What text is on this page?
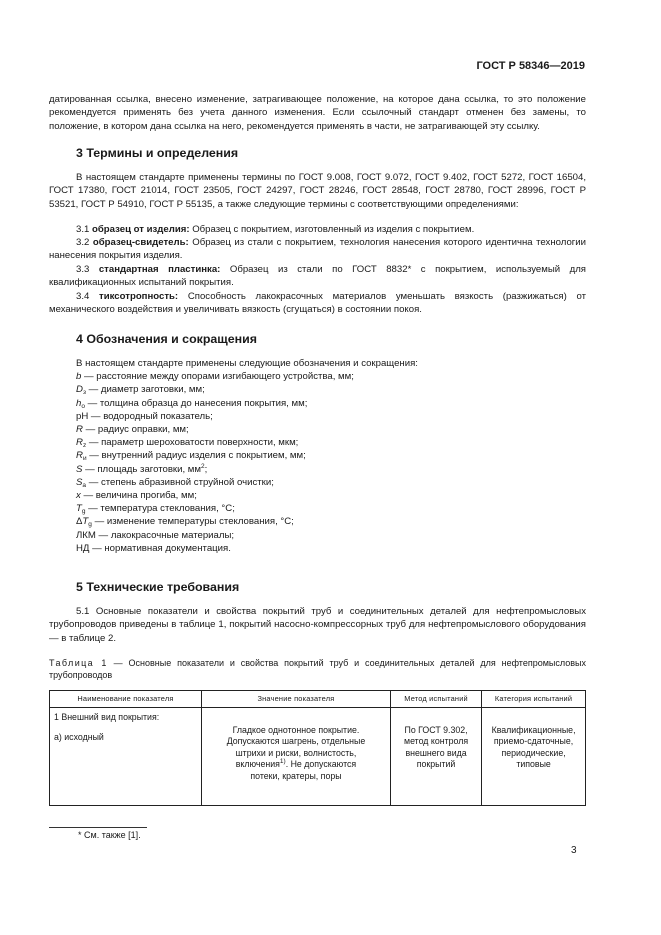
ГОСТ Р 58346—2019
датированная ссылка, внесено изменение, затрагивающее положение, на которое дана ссылка, то это положение рекомендуется применять без учета данного изменения. Если ссылочный стандарт отменен без замены, то положение, в котором дана ссылка на него, рекомендуется применять в части, не затрагивающей эту ссылку.
3 Термины и определения
В настоящем стандарте применены термины по ГОСТ 9.008, ГОСТ 9.072, ГОСТ 9.402, ГОСТ 5272, ГОСТ 16504, ГОСТ 17380, ГОСТ 21014, ГОСТ 23505, ГОСТ 24297, ГОСТ 28246, ГОСТ 28548, ГОСТ 28780, ГОСТ 28996, ГОСТ Р 53521, ГОСТ Р 54910, ГОСТ Р 55135, а также следующие термины с соответствующими определениями:
3.1 образец от изделия: Образец с покрытием, изготовленный из изделия с покрытием.
3.2 образец-свидетель: Образец из стали с покрытием, технология нанесения которого идентична технологии нанесения покрытия изделия.
3.3 стандартная пластинка: Образец из стали по ГОСТ 8832* с покрытием, используемый для квалификационных испытаний покрытия.
3.4 тиксотропность: Способность лакокрасочных материалов уменьшать вязкость (разжижаться) от механического воздействия и увеличивать вязкость (сгущаться) в состоянии покоя.
4 Обозначения и сокращения
В настоящем стандарте применены следующие обозначения и сокращения:
b — расстояние между опорами изгибающего устройства, мм;
$D_з$ — диаметр заготовки, мм;
$h_о$ — толщина образца до нанесения покрытия, мм;
pH — водородный показатель;
R — радиус оправки, мм;
$R_z$ — параметр шероховатости поверхности, мкм;
$R_и$ — внутренний радиус изделия с покрытием, мм;
S — площадь заготовки, $мм^2$;
$S_a$ — степень абразивной струйной очистки;
x — величина прогиба, мм;
$T_g$ — температура стеклования, °С;
$\Delta T_g$ — изменение температуры стеклования, °С;
ЛКМ — лакокрасочные материалы;
НД — нормативная документация.
5 Технические требования
5.1 Основные показатели и свойства покрытий труб и соединительных деталей для нефтепромысловых трубопроводов приведены в таблице 1, покрытий насосно-компрессорных труб для нефтепромыслового оборудования — в таблице 2.
Таблица 1 — Основные показатели и свойства покрытий труб и соединительных деталей для нефтепромысловых трубопроводов
Наименование показателя	Значение показателя	Метод испытаний	Категория испытаний

1 Внешний вид покрытия:
а) исходный	Гладкое однотонное покрытие. Допускаются шагрень, отдельные штрихи и риски, волнистость, включения$^{1)}$. Не допускаются потеки, кратеры, поры	По ГОСТ 9.302, метод контроля внешнего вида покрытий	Квалификационные, приемо-сдаточные, периодические, типовые
* См. также [1].
3
